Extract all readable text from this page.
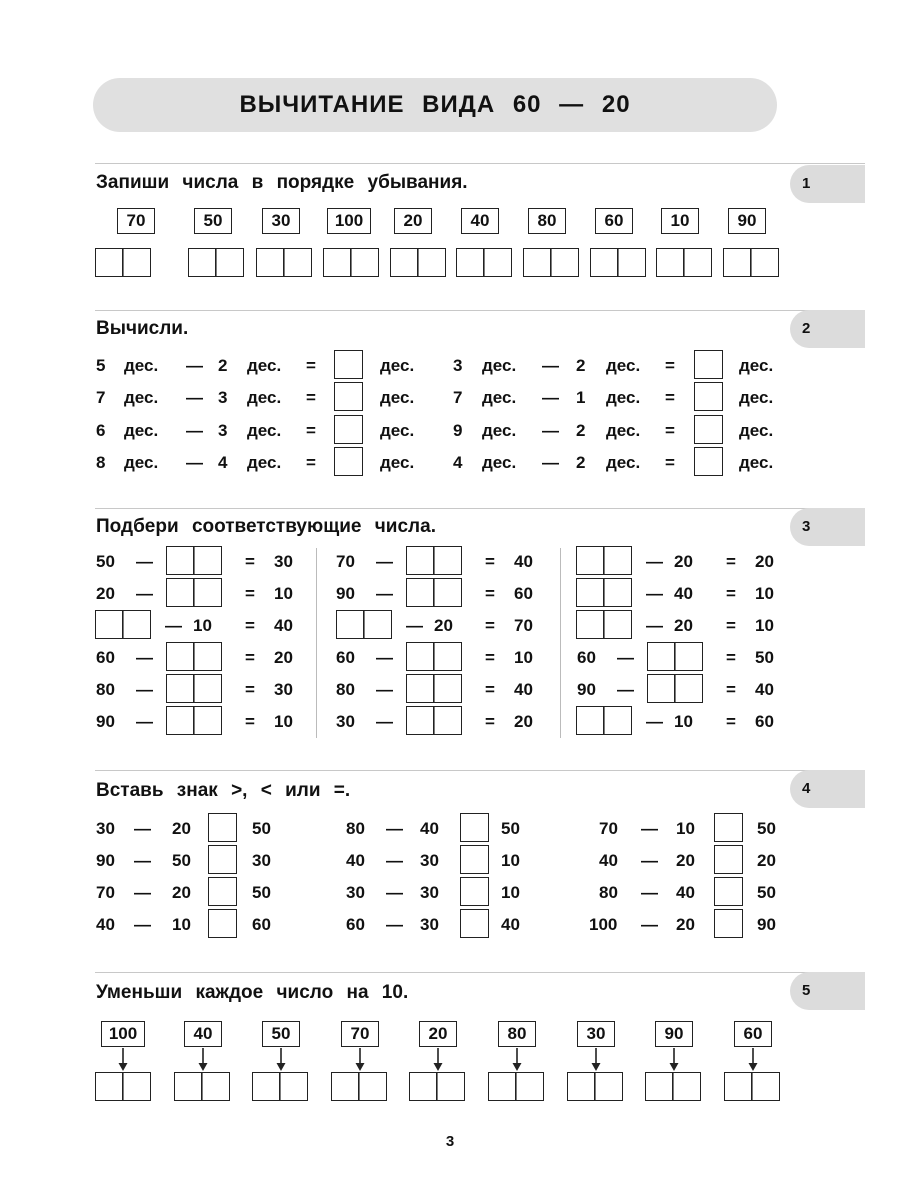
ВЫЧИТАНИЕ ВИДА 60 — 20
1
Запиши числа в порядке убывания.
2
Вычисли.
3
Подбери соответствующие числа.
4
Вставь знак >, < или =.
5
Уменьши каждое число на 10.
70	50	30	100	20	40	80	60	10	90
5 дес. — 2 дес. =	дес. 3 дес. — 2 дес. =	дес.
7 дес. — 3 дес. =	дес. 7 дес. — 1 дес. =	дес.
6 дес. — 3 дес. =	дес. 9 дес. — 2 дес. =	дес.
8 дес. — 4 дес. =	дес. 4 дес. — 2 дес. =	дес.
50 —	= 30
20 —	= 10
— 10 = 40
60 —	= 20
80 —	= 30
90 —	= 10
70 —	= 40
90 —	= 60
— 20 = 70
60 —	= 10
80 —	= 40
30 —	= 20
— 20 = 20
— 40 = 10
— 20 = 10
60 —	= 50
90 —	= 40
— 10 = 60
30 — 20	50
90 — 50	30
70 — 20	50
40 — 10	60
80 — 40	50
40 — 30	10
30 — 30	10
60 — 30	40
70 — 10	50
40 — 20	20
80 — 40	50
100 — 20	90
100	40	50	70	20	80	30	90	60
3
